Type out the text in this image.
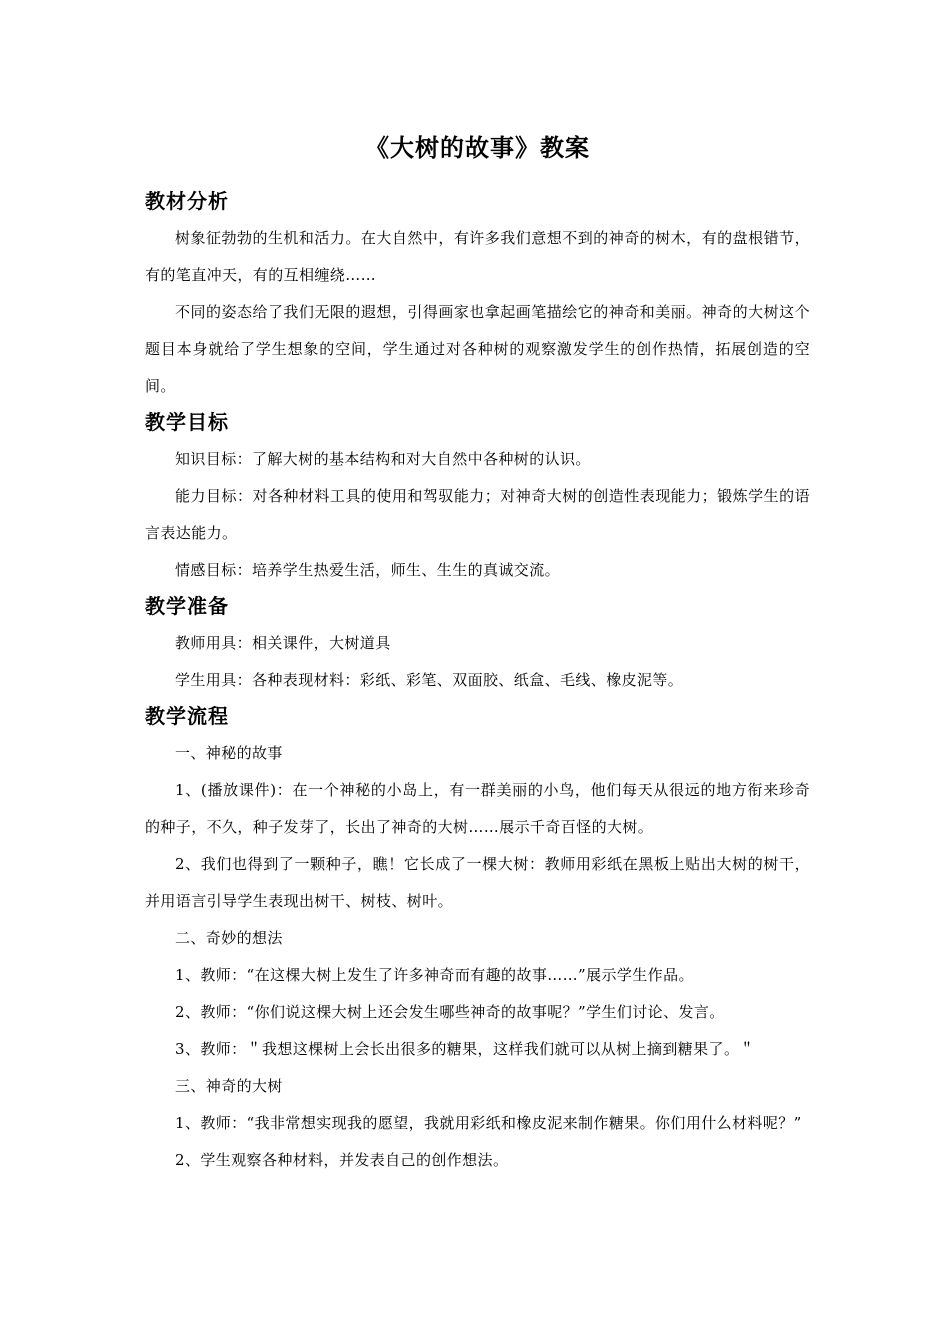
《大树的故事》教案
教材分析

树象征勃勃的生机和活力。在大自然中，有许多我们意想不到的神奇的树木，有的盘根错节，有的笔直冲天，有的互相缠绕……

不同的姿态给了我们无限的遐想，引得画家也拿起画笔描绘它的神奇和美丽。神奇的大树这个题目本身就给了学生想象的空间，学生通过对各种树的观察激发学生的创作热情，拓展创造的空间。

教学目标

知识目标：了解大树的基本结构和对大自然中各种树的认识。

能力目标：对各种材料工具的使用和驾驭能力；对神奇大树的创造性表现能力；锻炼学生的语言表达能力。

情感目标：培养学生热爱生活，师生、生生的真诚交流。

教学准备

教师用具：相关课件，大树道具

学生用具：各种表现材料：彩纸、彩笔、双面胶、纸盒、毛线、橡皮泥等。

教学流程

一、神秘的故事

1、(播放课件)：在一个神秘的小岛上，有一群美丽的小鸟，他们每天从很远的地方衔来珍奇的种子，不久，种子发芽了，长出了神奇的大树……展示千奇百怪的大树。

2、我们也得到了一颗种子，瞧！它长成了一棵大树：教师用彩纸在黑板上贴出大树的树干，并用语言引导学生表现出树干、树枝、树叶。

二、奇妙的想法

1、教师：“在这棵大树上发生了许多神奇而有趣的故事……”展示学生作品。

2、教师：“你们说这棵大树上还会发生哪些神奇的故事呢？”学生们讨论、发言。

3、教师：＂我想这棵树上会长出很多的糖果，这样我们就可以从树上摘到糖果了。＂

三、神奇的大树

1、教师：“我非常想实现我的愿望，我就用彩纸和橡皮泥来制作糖果。你们用什么材料呢？”

2、学生观察各种材料，并发表自己的创作想法。
